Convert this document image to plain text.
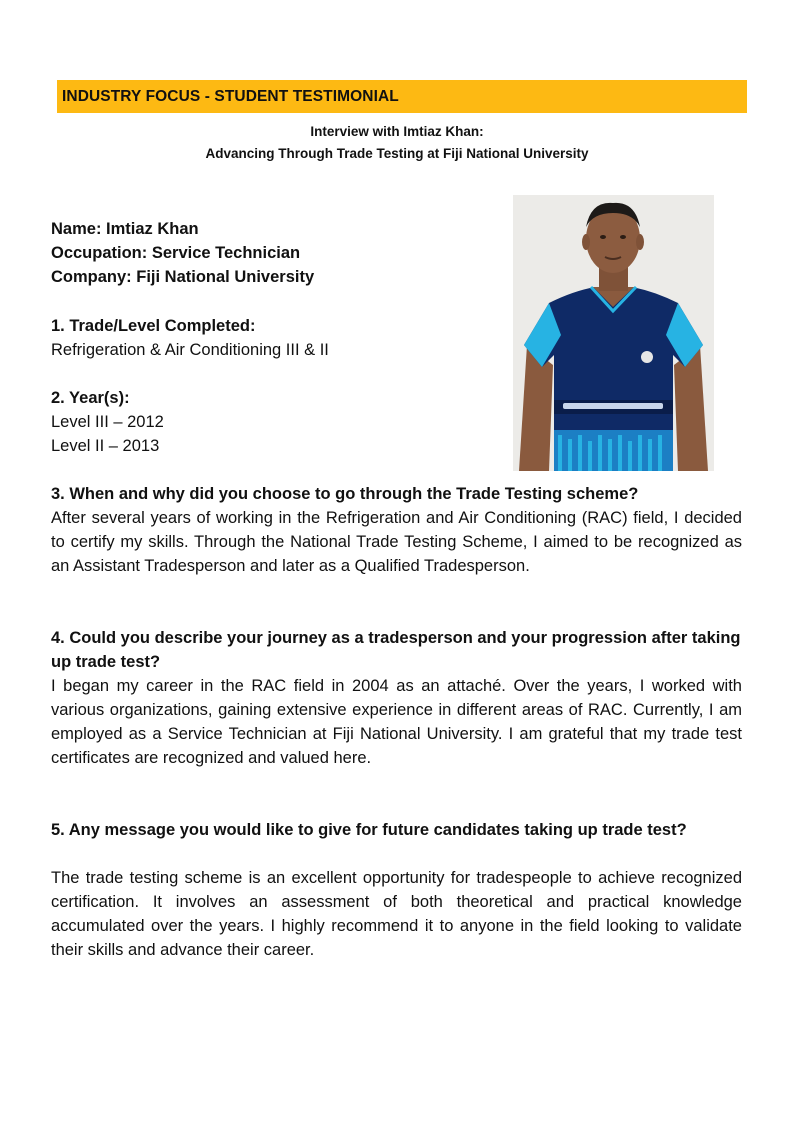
INDUSTRY FOCUS - STUDENT TESTIMONIAL
Interview with Imtiaz Khan:
Advancing Through Trade Testing at Fiji National University
Name: Imtiaz Khan
Occupation: Service Technician
Company: Fiji National University
1. Trade/Level Completed:
Refrigeration & Air Conditioning III & II
2. Year(s):
Level III – 2012
Level II – 2013

3. When and why did you choose to go through the Trade Testing scheme?

After several years of working in the Refrigeration and Air Conditioning (RAC) field, I decided to certify my skills. Through the National Trade Testing Scheme, I aimed to be recognized as an Assistant Tradesperson and later as a Qualified Tradesperson.

4. Could you describe your journey as a tradesperson and your progression after taking up trade test?

I began my career in the RAC field in 2004 as an attaché. Over the years, I worked with various organizations, gaining extensive experience in different areas of RAC. Currently, I am employed as a Service Technician at Fiji National University. I am grateful that my trade test certificates are recognized and valued here.

5. Any message you would like to give for future candidates taking up trade test?

The trade testing scheme is an excellent opportunity for tradespeople to achieve recognized certification. It involves an assessment of both theoretical and practical knowledge accumulated over the years. I highly recommend it to anyone in the field looking to validate their skills and advance their career.
